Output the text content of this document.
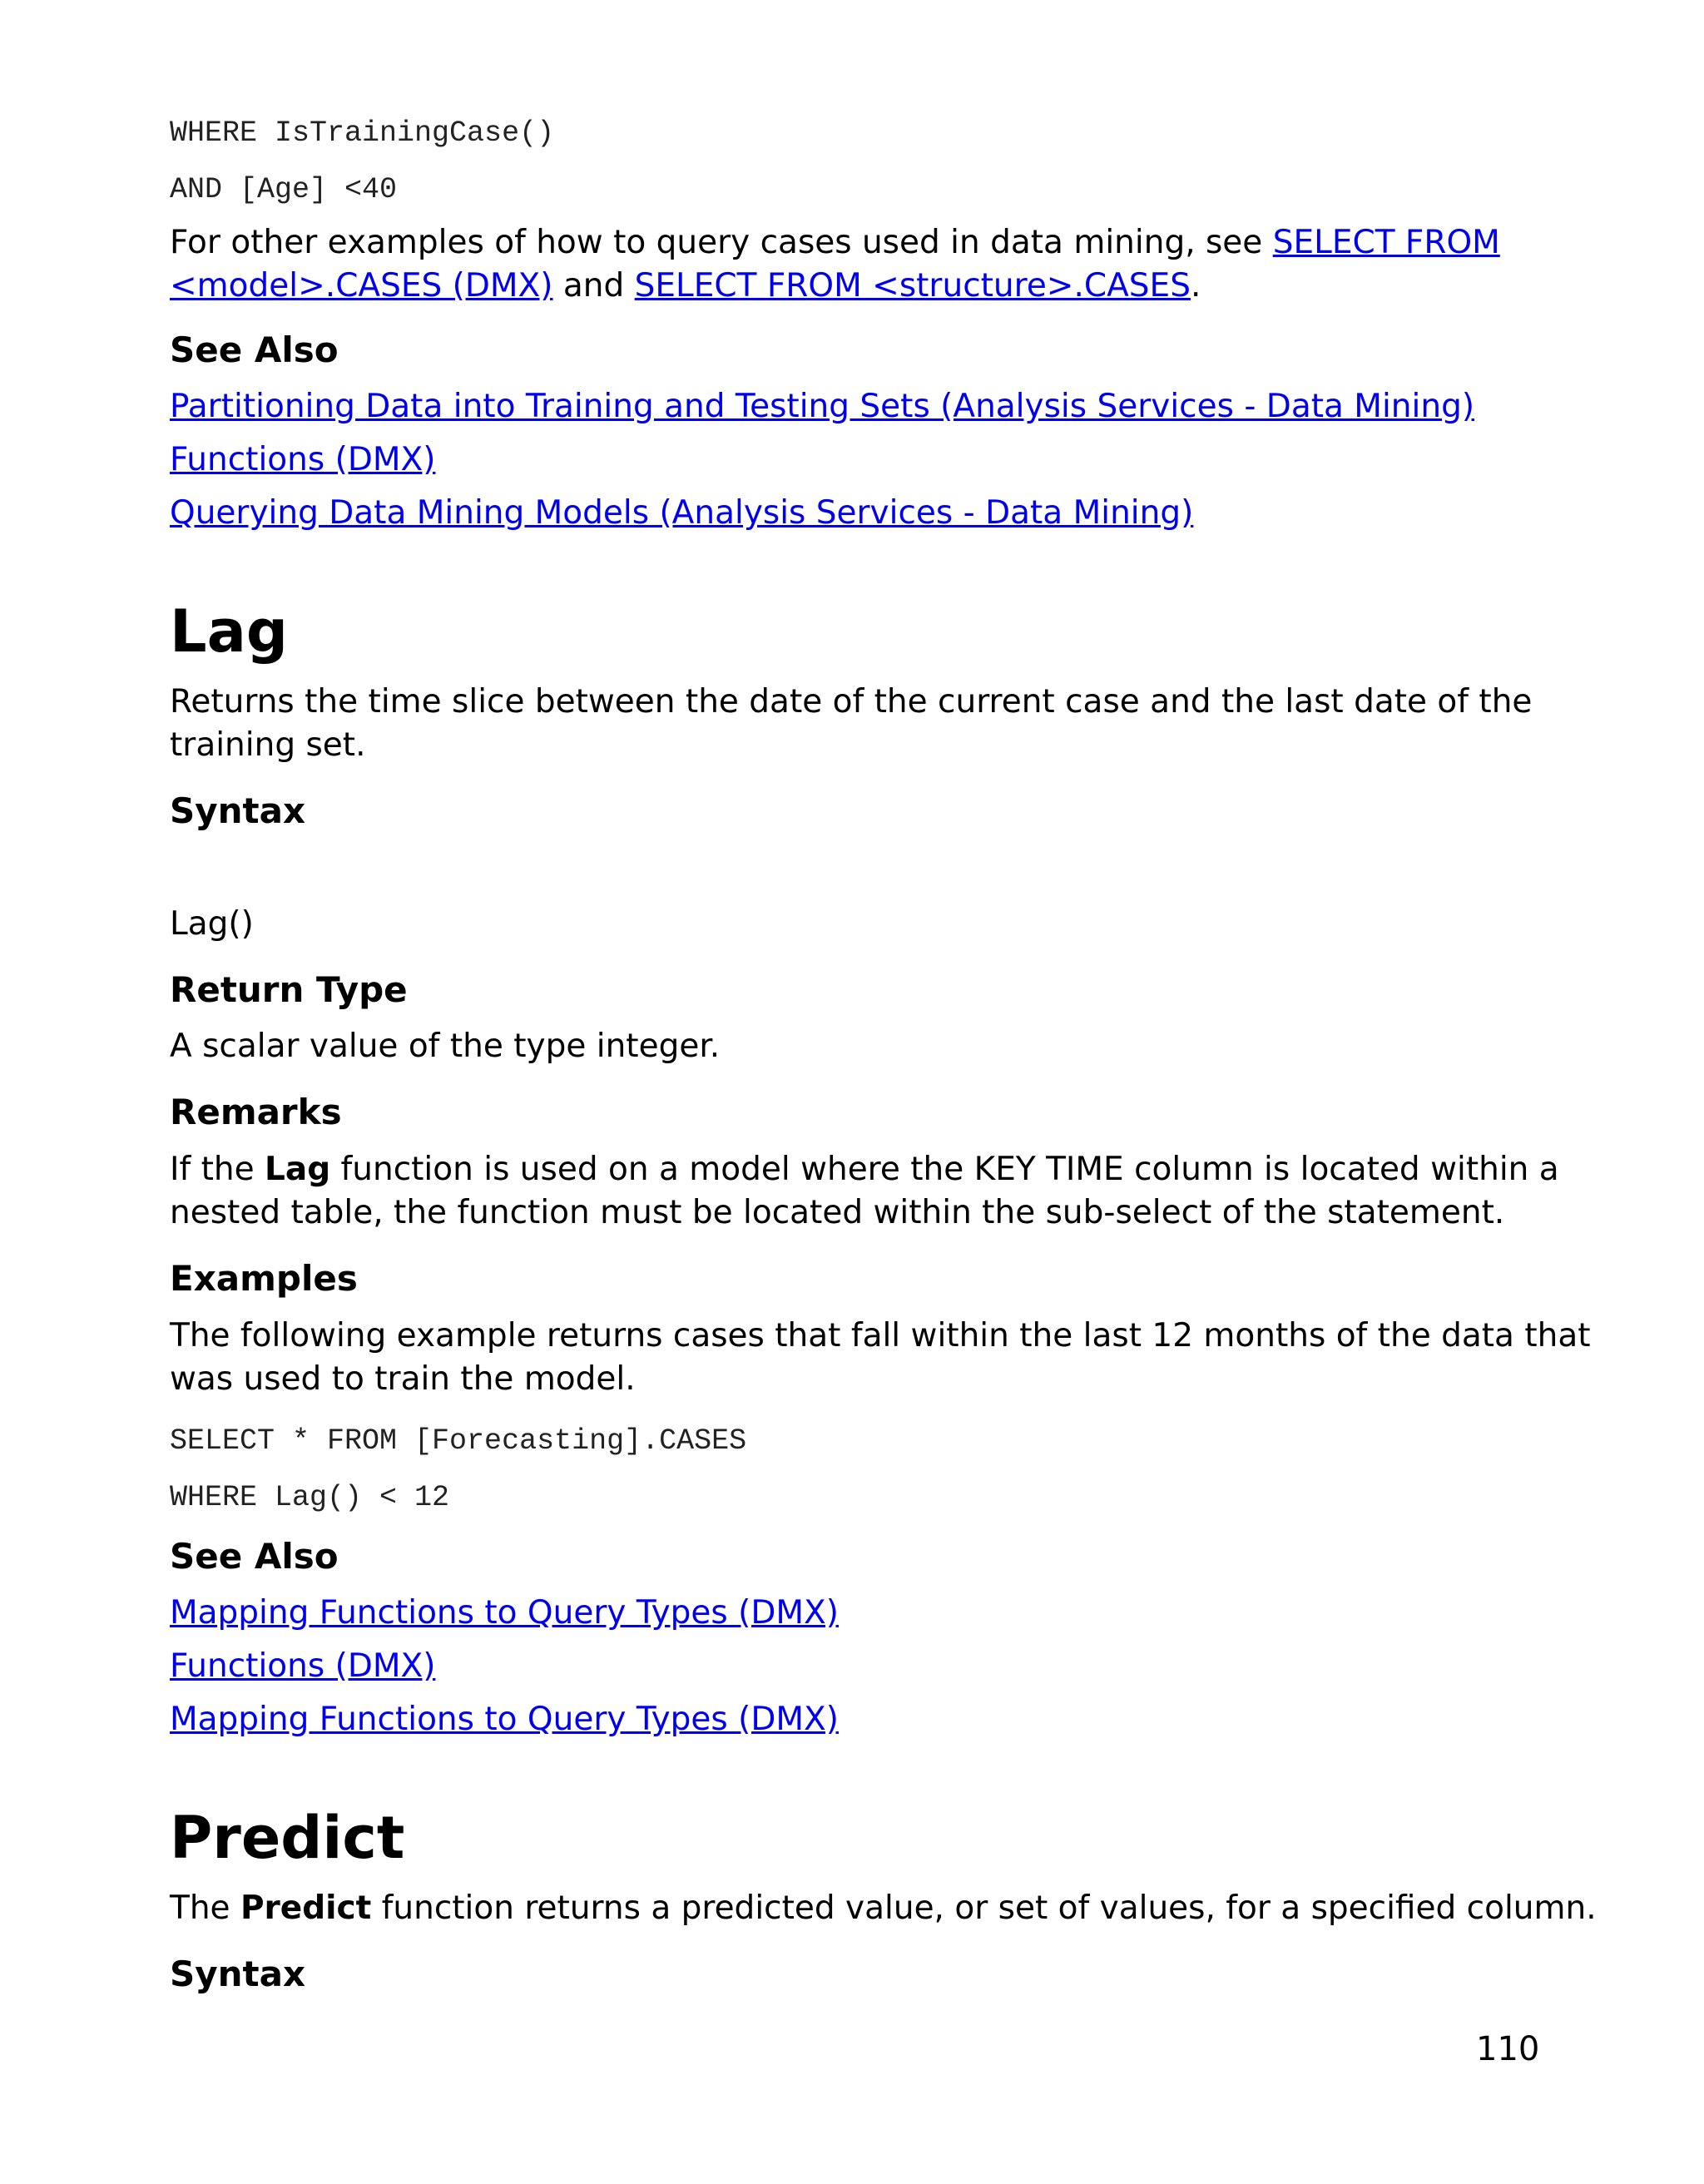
WHERE IsTrainingCase()
AND [Age] <40
For other examples of how to query cases used in data mining, see SELECT FROM
<model>.CASES (DMX) and SELECT FROM <structure>.CASES.
See Also
Partitioning Data into Training and Testing Sets (Analysis Services - Data Mining)
Functions (DMX)
Querying Data Mining Models (Analysis Services - Data Mining)
Lag
Returns the time slice between the date of the current case and the last date of the
training set.
Syntax
Lag()
Return Type
A scalar value of the type integer.
Remarks
If the Lag function is used on a model where the KEY TIME column is located within a
nested table, the function must be located within the sub-select of the statement.
Examples
The following example returns cases that fall within the last 12 months of the data that
was used to train the model.
SELECT * FROM [Forecasting].CASES
WHERE Lag() < 12
See Also
Mapping Functions to Query Types (DMX)
Functions (DMX)
Mapping Functions to Query Types (DMX)
Predict
The Predict function returns a predicted value, or set of values, for a specified column.
Syntax
110
